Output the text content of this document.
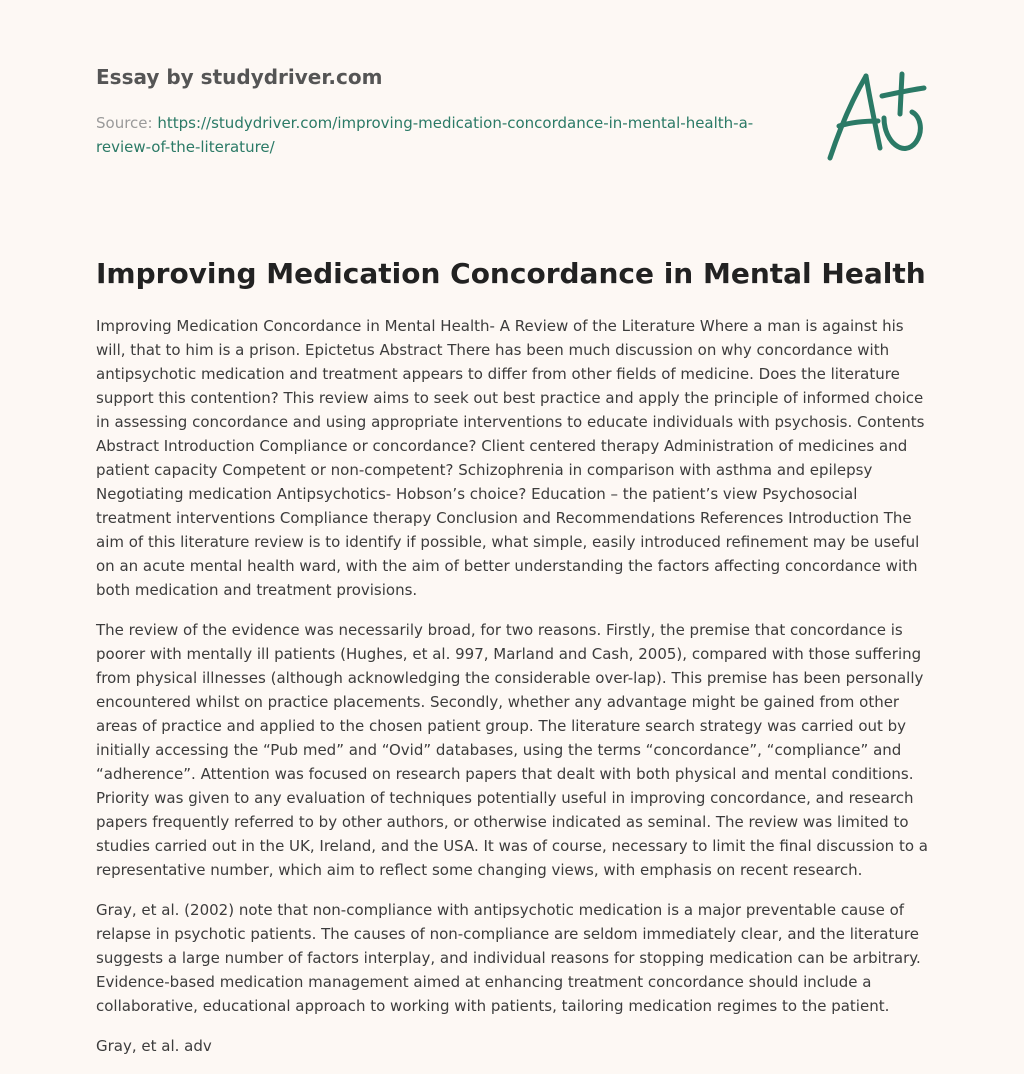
Essay by studydriver.com
Source: https://studydriver.com/improving-medication-concordance-in-mental-health-a-review-of-the-literature/
Improving Medication Concordance in Mental Health

Improving Medication Concordance in Mental Health- A Review of the Literature Where a man is against his will, that to him is a prison. Epictetus Abstract There has been much discussion on why concordance with antipsychotic medication and treatment appears to differ from other fields of medicine. Does the literature support this contention? This review aims to seek out best practice and apply the principle of informed choice in assessing concordance and using appropriate interventions to educate individuals with psychosis. Contents Abstract Introduction Compliance or concordance? Client centered therapy Administration of medicines and patient capacity Competent or non-competent? Schizophrenia in comparison with asthma and epilepsy Negotiating medication Antipsychotics- Hobson’s choice? Education – the patient’s view Psychosocial treatment interventions Compliance therapy Conclusion and Recommendations References Introduction The aim of this literature review is to identify if possible, what simple, easily introduced refinement may be useful on an acute mental health ward, with the aim of better understanding the factors affecting concordance with both medication and treatment provisions.

The review of the evidence was necessarily broad, for two reasons. Firstly, the premise that concordance is poorer with mentally ill patients (Hughes, et al. 997, Marland and Cash, 2005), compared with those suffering from physical illnesses (although acknowledging the considerable over-lap). This premise has been personally encountered whilst on practice placements. Secondly, whether any advantage might be gained from other areas of practice and applied to the chosen patient group. The literature search strategy was carried out by initially accessing the “Pub med” and “Ovid” databases, using the terms “concordance”, “compliance” and “adherence”. Attention was focused on research papers that dealt with both physical and mental conditions. Priority was given to any evaluation of techniques potentially useful in improving concordance, and research papers frequently referred to by other authors, or otherwise indicated as seminal. The review was limited to studies carried out in the UK, Ireland, and the USA. It was of course, necessary to limit the final discussion to a representative number, which aim to reflect some changing views, with emphasis on recent research.

Gray, et al. (2002) note that non-compliance with antipsychotic medication is a major preventable cause of relapse in psychotic patients. The causes of non-compliance are seldom immediately clear, and the literature suggests a large number of factors interplay, and individual reasons for stopping medication can be arbitrary. Evidence-based medication management aimed at enhancing treatment concordance should include a collaborative, educational approach to working with patients, tailoring medication regimes to the patient.

Gray, et al. adv
